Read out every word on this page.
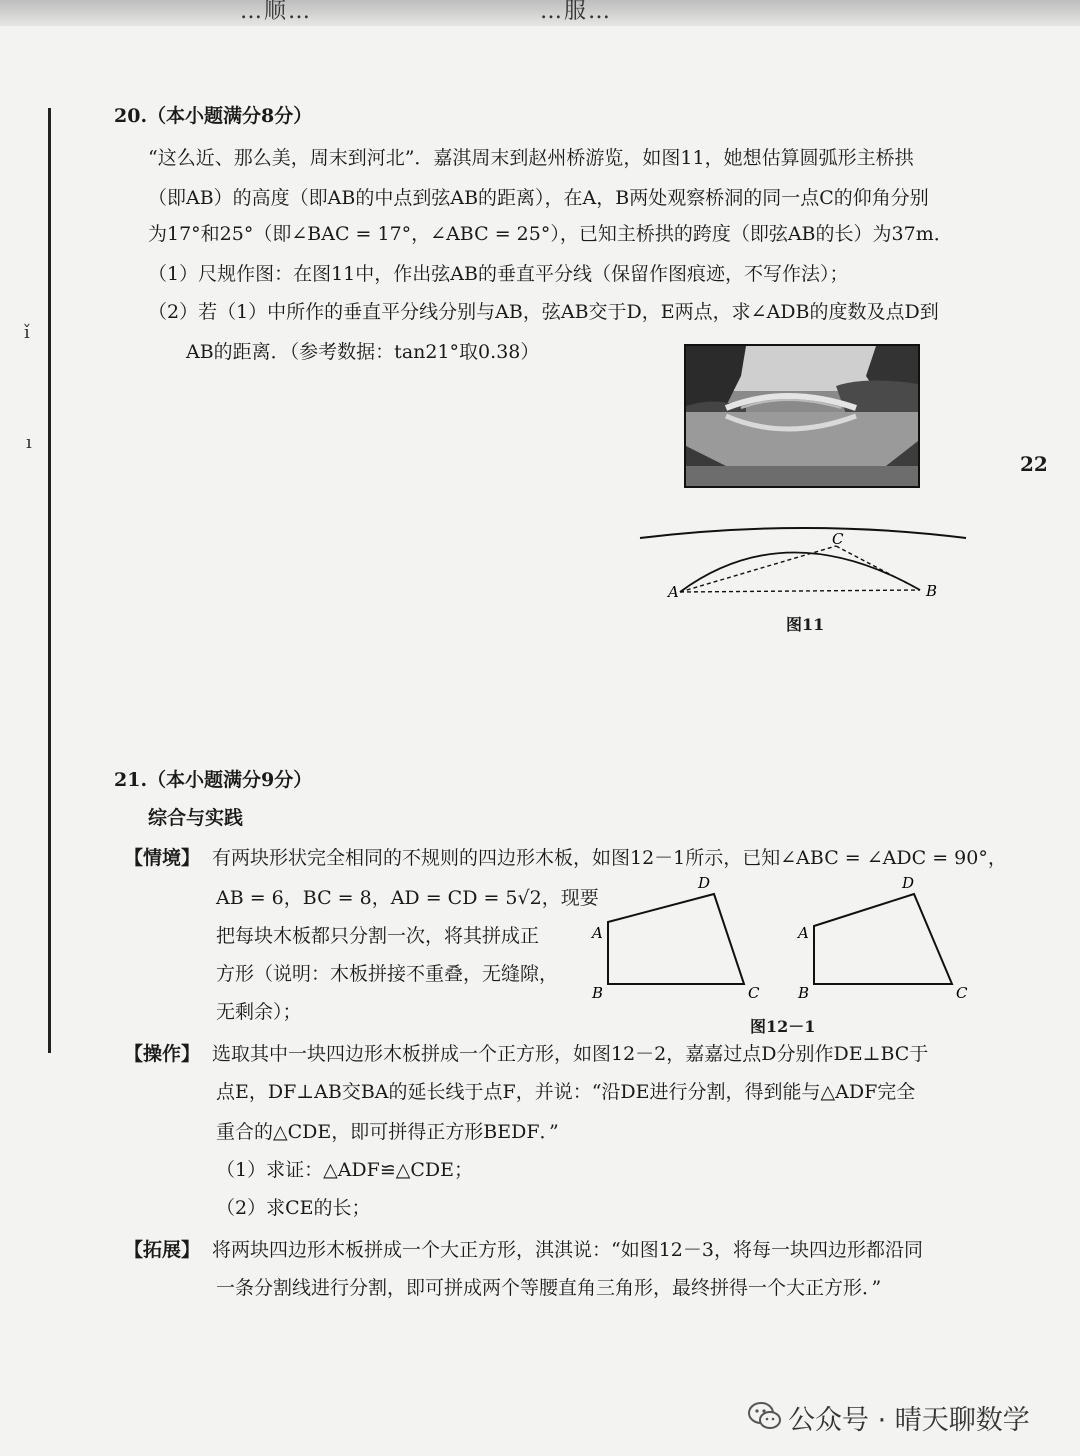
…顺…	…服…
ǐ
ı
22
20.（本小题满分8分）
“这么近、那么美，周末到河北”．嘉淇周末到赵州桥游览，如图11，她想估算圆弧形主桥拱
（即AB）的高度（即AB的中点到弦AB的距离），在A，B两处观察桥洞的同一点C的仰角分别
为17°和25°（即∠BAC = 17°，∠ABC = 25°），已知主桥拱的跨度（即弦AB的长）为37m．
（1）尺规作图：在图11中，作出弦AB的垂直平分线（保留作图痕迹，不写作法）；
（2）若（1）中所作的垂直平分线分别与AB，弦AB交于D，E两点，求∠ADB的度数及点D到
AB的距离．（参考数据：tan21°取0.38）
A
C
B
图11
21.（本小题满分9分）
综合与实践
【情境】 有两块形状完全相同的不规则的四边形木板，如图12－1所示，已知∠ABC = ∠ADC = 90°，
AB = 6，BC = 8，AD = CD = 5√2，现要
把每块木板都只分割一次，将其拼成正
方形（说明：木板拼接不重叠，无缝隙，
无剩余）；
A
B	C
D
A
B	C
D
图12－1
【操作】 选取其中一块四边形木板拼成一个正方形，如图12－2，嘉嘉过点D分别作DE⊥BC于
点E，DF⊥AB交BA的延长线于点F，并说：“沿DE进行分割，得到能与△ADF完全
重合的△CDE，即可拼得正方形BEDF．”
（1）求证：△ADF≌△CDE；
（2）求CE的长；
【拓展】 将两块四边形木板拼成一个大正方形，淇淇说：“如图12－3，将每一块四边形都沿同
一条分割线进行分割，即可拼成两个等腰直角三角形，最终拼得一个大正方形．”
公众号 · 晴天聊数学
